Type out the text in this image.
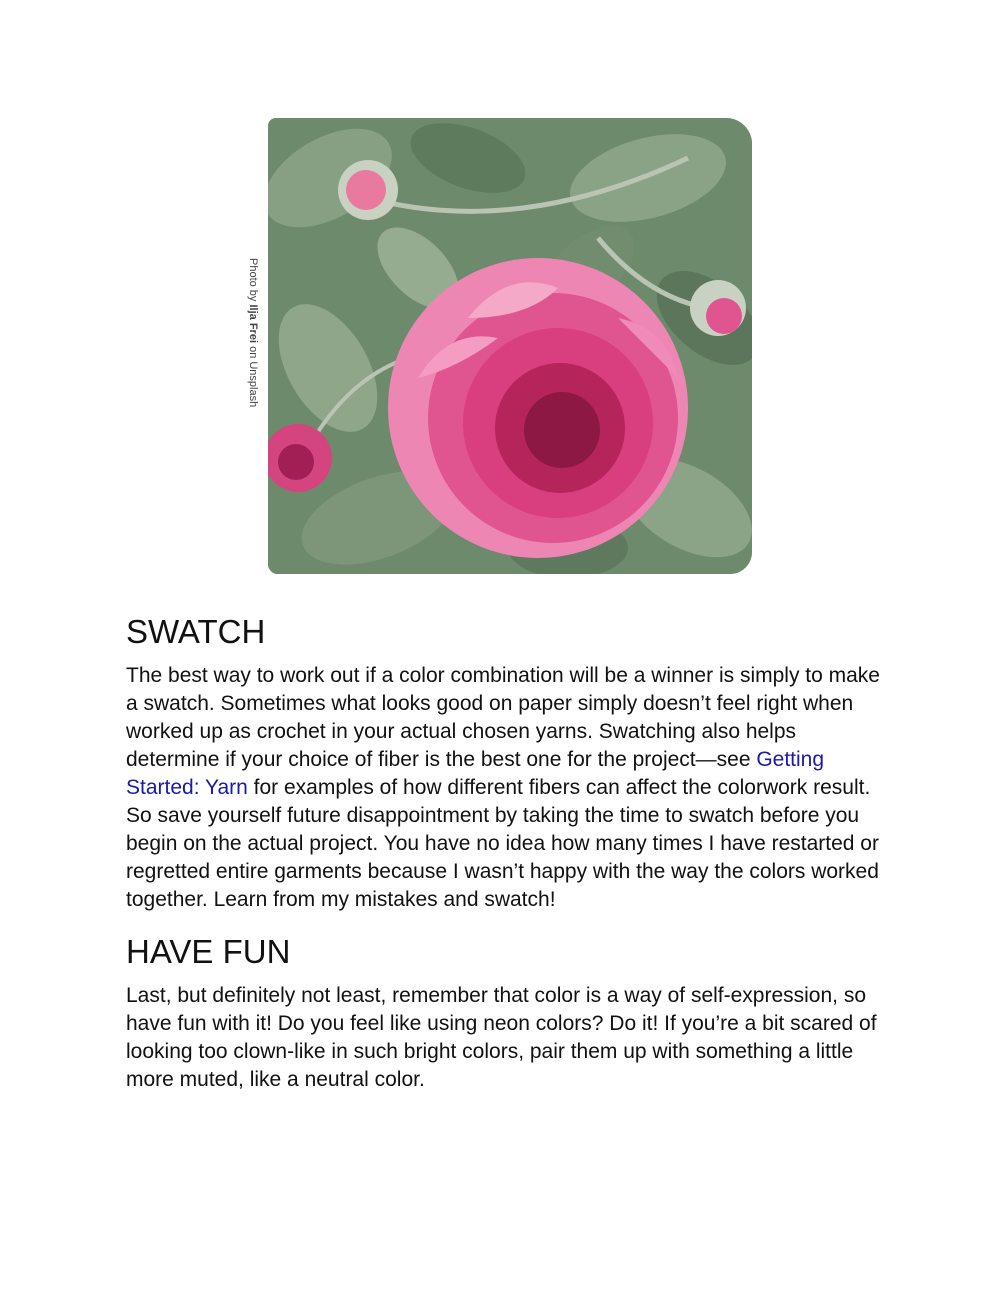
Photo by Ilja Frei on Unsplash
SWATCH

The best way to work out if a color combination will be a winner is simply to make a swatch. Sometimes what looks good on paper simply doesn’t feel right when worked up as crochet in your actual chosen yarns. Swatching also helps determine if your choice of fiber is the best one for the project—see Getting Started: Yarn for examples of how different fibers can affect the colorwork result. So save yourself future disappointment by taking the time to swatch before you begin on the actual project. You have no idea how many times I have restarted or regretted entire garments because I wasn’t happy with the way the colors worked together. Learn from my mistakes and swatch!

HAVE FUN

Last, but definitely not least, remember that color is a way of self-expression, so have fun with it! Do you feel like using neon colors? Do it! If you’re a bit scared of looking too clown-like in such bright colors, pair them up with something a little more muted, like a neutral color.
